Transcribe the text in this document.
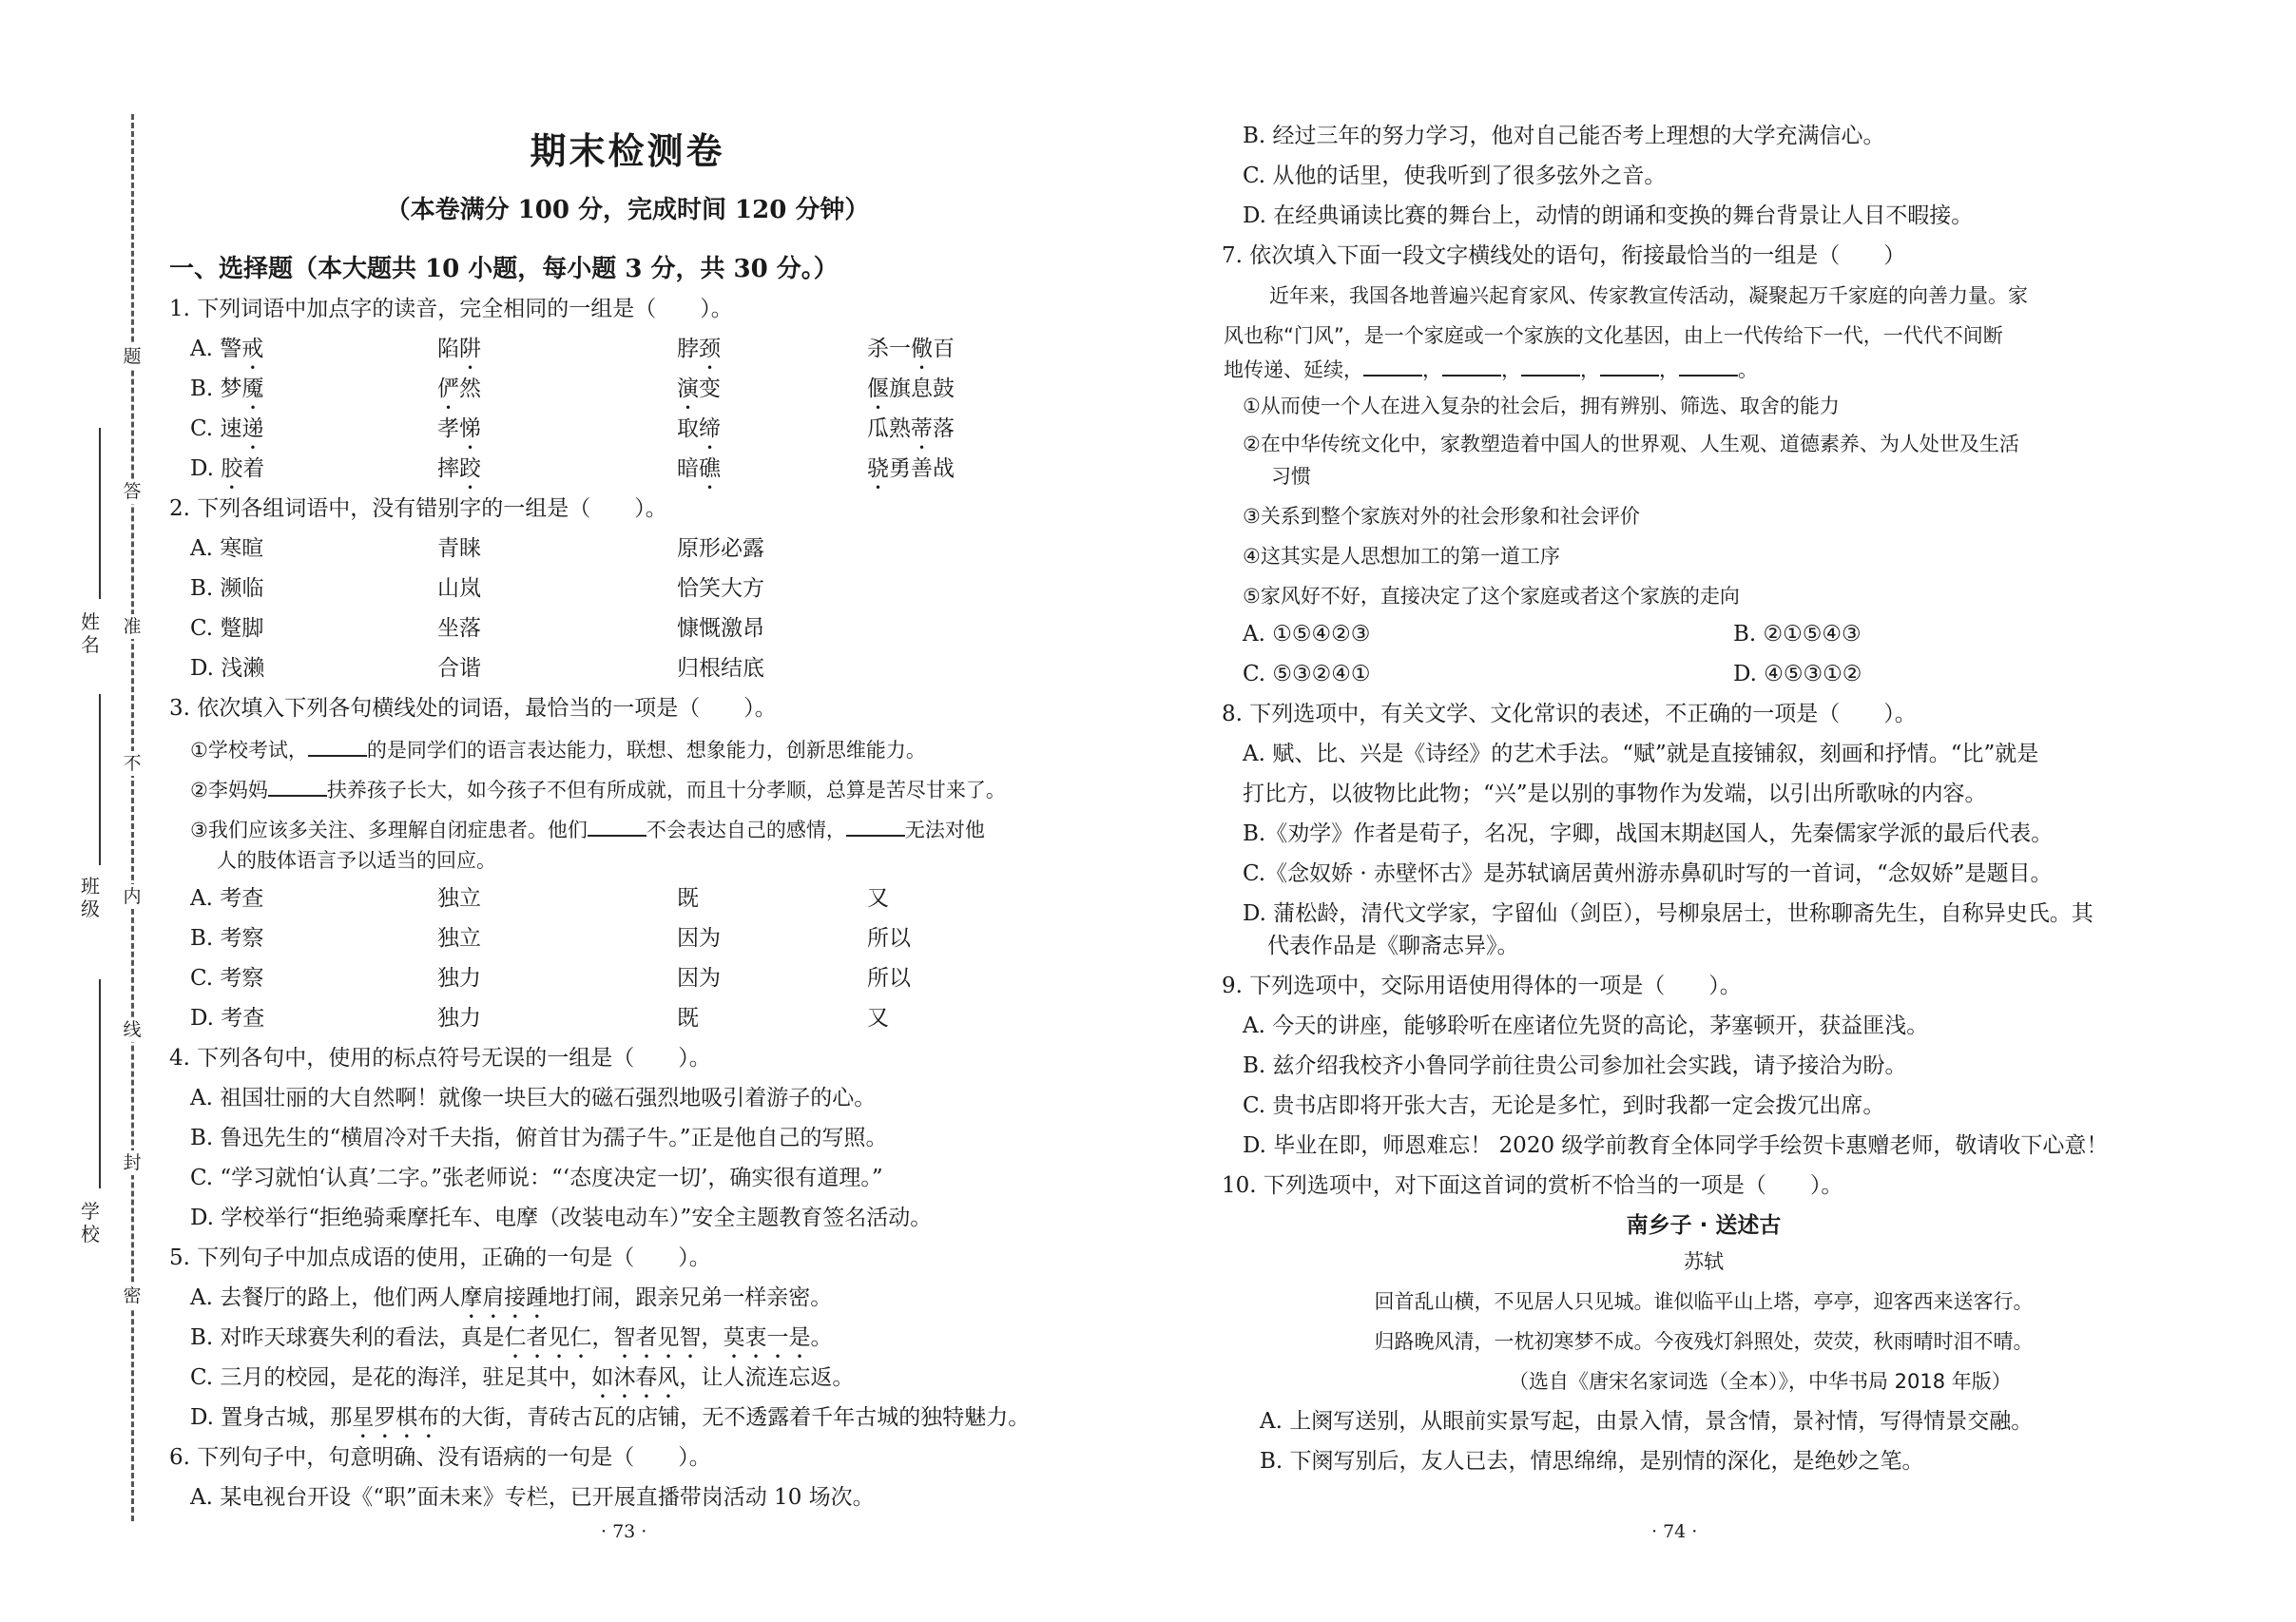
题
答
准
不
内
线
封
密
姓名
班级
学校
期末检测卷
（本卷满分 100 分，完成时间 120 分钟）
一、选择题（本大题共 10 小题，每小题 3 分，共 30 分。）
1. 下列词语中加点字的读音，完全相同的一组是（　　）。
A. 警戒	陷阱	脖颈	杀一儆百
B. 梦魇	俨然	演变	偃旗息鼓
C. 速递	孝悌	取缔	瓜熟蒂落
D. 胶着	摔跤	暗礁	骁勇善战
2. 下列各组词语中，没有错别字的一组是（　　）。
A. 寒暄	青睐	原形必露
B. 濒临	山岚	恰笑大方
C. 蹩脚	坐落	慷慨激昂
D. 浅濑	合谐	归根结底
3. 依次填入下列各句横线处的词语，最恰当的一项是（　　）。
①学校考试，	的是同学们的语言表达能力，联想、想象能力，创新思维能力。
②李妈妈	扶养孩子长大，如今孩子不但有所成就，而且十分孝顺，总算是苦尽甘来了。
③我们应该多关注、多理解自闭症患者。他们	不会表达自己的感情，	无法对他
人的肢体语言予以适当的回应。
A. 考查	独立	既	又
B. 考察	独立	因为	所以
C. 考察	独力	因为	所以
D. 考查	独力	既	又
4. 下列各句中，使用的标点符号无误的一组是（　　）。
A. 祖国壮丽的大自然啊！就像一块巨大的磁石强烈地吸引着游子的心。
B. 鲁迅先生的“横眉冷对千夫指，俯首甘为孺子牛。”正是他自己的写照。
C. “学习就怕‘认真’二字。”张老师说：“‘态度决定一切’，确实很有道理。”
D. 学校举行“拒绝骑乘摩托车、电摩（改装电动车）”安全主题教育签名活动。
5. 下列句子中加点成语的使用，正确的一句是（　　）。
A. 去餐厅的路上，他们两人摩肩接踵地打闹，跟亲兄弟一样亲密。
B. 对昨天球赛失利的看法，真是仁者见仁，智者见智，莫衷一是。
C. 三月的校园，是花的海洋，驻足其中，如沐春风，让人流连忘返。
D. 置身古城，那星罗棋布的大街，青砖古瓦的店铺，无不透露着千年古城的独特魅力。
6. 下列句子中，句意明确、没有语病的一句是（　　）。
A. 某电视台开设《“职”面未来》专栏，已开展直播带岗活动 10 场次。
· 73 ·
B. 经过三年的努力学习，他对自己能否考上理想的大学充满信心。
C. 从他的话里，使我听到了很多弦外之音。
D. 在经典诵读比赛的舞台上，动情的朗诵和变换的舞台背景让人目不暇接。
7. 依次填入下面一段文字横线处的语句，衔接最恰当的一组是（　　）
近年来，我国各地普遍兴起育家风、传家教宣传活动，凝聚起万千家庭的向善力量。家
风也称“门风”，是一个家庭或一个家族的文化基因，由上一代传给下一代，一代代不间断
地传递、延续，	，	，	，	，	。
①从而使一个人在进入复杂的社会后，拥有辨别、筛选、取舍的能力
②在中华传统文化中，家教塑造着中国人的世界观、人生观、道德素养、为人处世及生活
习惯
③关系到整个家族对外的社会形象和社会评价
④这其实是人思想加工的第一道工序
⑤家风好不好，直接决定了这个家庭或者这个家族的走向
A. ①⑤④②③	B. ②①⑤④③
C. ⑤③②④①	D. ④⑤③①②
8. 下列选项中，有关文学、文化常识的表述，不正确的一项是（　　）。
A. 赋、比、兴是《诗经》的艺术手法。“赋”就是直接铺叙，刻画和抒情。“比”就是
打比方，以彼物比此物；“兴”是以别的事物作为发端，以引出所歌咏的内容。
B.《劝学》作者是荀子，名况，字卿，战国末期赵国人，先秦儒家学派的最后代表。
C.《念奴娇 · 赤壁怀古》是苏轼谪居黄州游赤鼻矶时写的一首词，“念奴娇”是题目。
D. 蒲松龄，清代文学家，字留仙（剑臣），号柳泉居士，世称聊斋先生，自称异史氏。其
代表作品是《聊斋志异》。
9. 下列选项中，交际用语使用得体的一项是（　　）。
A. 今天的讲座，能够聆听在座诸位先贤的高论，茅塞顿开，获益匪浅。
B. 兹介绍我校齐小鲁同学前往贵公司参加社会实践，请予接洽为盼。
C. 贵书店即将开张大吉，无论是多忙，到时我都一定会拨冗出席。
D. 毕业在即，师恩难忘！ 2020 级学前教育全体同学手绘贺卡惠赠老师，敬请收下心意！
10. 下列选项中，对下面这首词的赏析不恰当的一项是（　　）。
南乡子 · 送述古
苏轼
回首乱山横，不见居人只见城。谁似临平山上塔，亭亭，迎客西来送客行。
归路晚风清，一枕初寒梦不成。今夜残灯斜照处，荧荧，秋雨晴时泪不晴。
（选自《唐宋名家词选（全本）》，中华书局 2018 年版）
A. 上阕写送别，从眼前实景写起，由景入情，景含情，景衬情，写得情景交融。
B. 下阕写别后，友人已去，情思绵绵，是别情的深化，是绝妙之笔。
· 74 ·
